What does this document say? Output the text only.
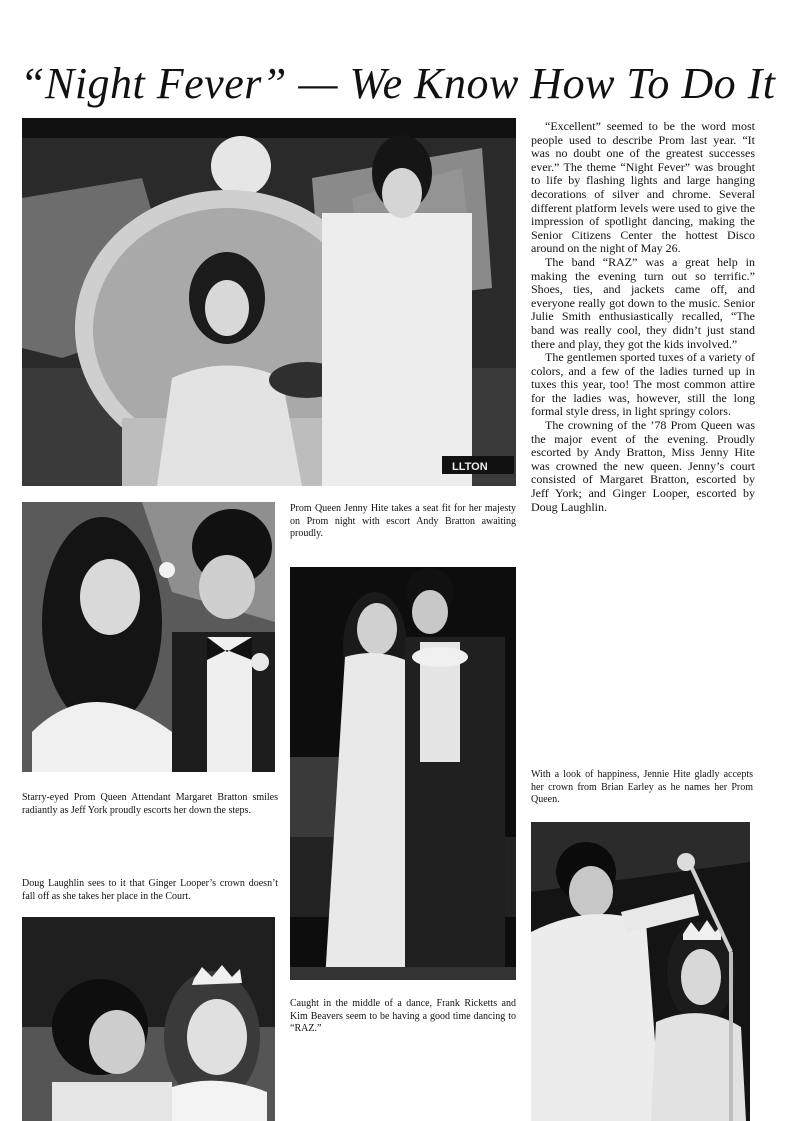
“Night Fever” — We Know How To Do It
LLTON

Prom Queen Jenny Hite takes a seat fit for her majesty on Prom night with escort Andy Bratton awaiting proudly.

Starry-eyed Prom Queen Attendant Margaret Bratton smiles radiantly as Jeff York proudly escorts her down the steps.

Doug Laughlin sees to it that Ginger Looper’s crown doesn’t fall off as she takes her place in the Court.

Caught in the middle of a dance, Frank Ricketts and Kim Beavers seem to be having a good time dancing to “RAZ.”

“Excellent” seemed to be the word most people used to describe Prom last year. “It was no doubt one of the greatest successes ever.” The theme “Night Fever” was brought to life by flashing lights and large hanging decorations of silver and chrome. Several different platform levels were used to give the impression of spotlight dancing, making the Senior Citizens Center the hottest Disco around on the night of May 26.

The band “RAZ” was a great help in making the evening turn out so terrific.” Shoes, ties, and jackets came off, and everyone really got down to the music. Senior Julie Smith enthusiastically recalled, “The band was really cool, they didn’t just stand there and play, they got the kids involved.”

The gentlemen sported tuxes of a variety of colors, and a few of the ladies turned up in tuxes this year, too! The most common attire for the ladies was, however, still the long formal style dress, in light springy colors.

The crowning of the ’78 Prom Queen was the major event of the evening. Proudly escorted by Andy Bratton, Miss Jenny Hite was crowned the new queen. Jenny’s court consisted of Margaret Bratton, escorted by Jeff York; and Ginger Looper, escorted by Doug Laughlin.

With a look of happiness, Jennie Hite gladly accepts her crown from Brian Earley as he names her Prom Queen.
